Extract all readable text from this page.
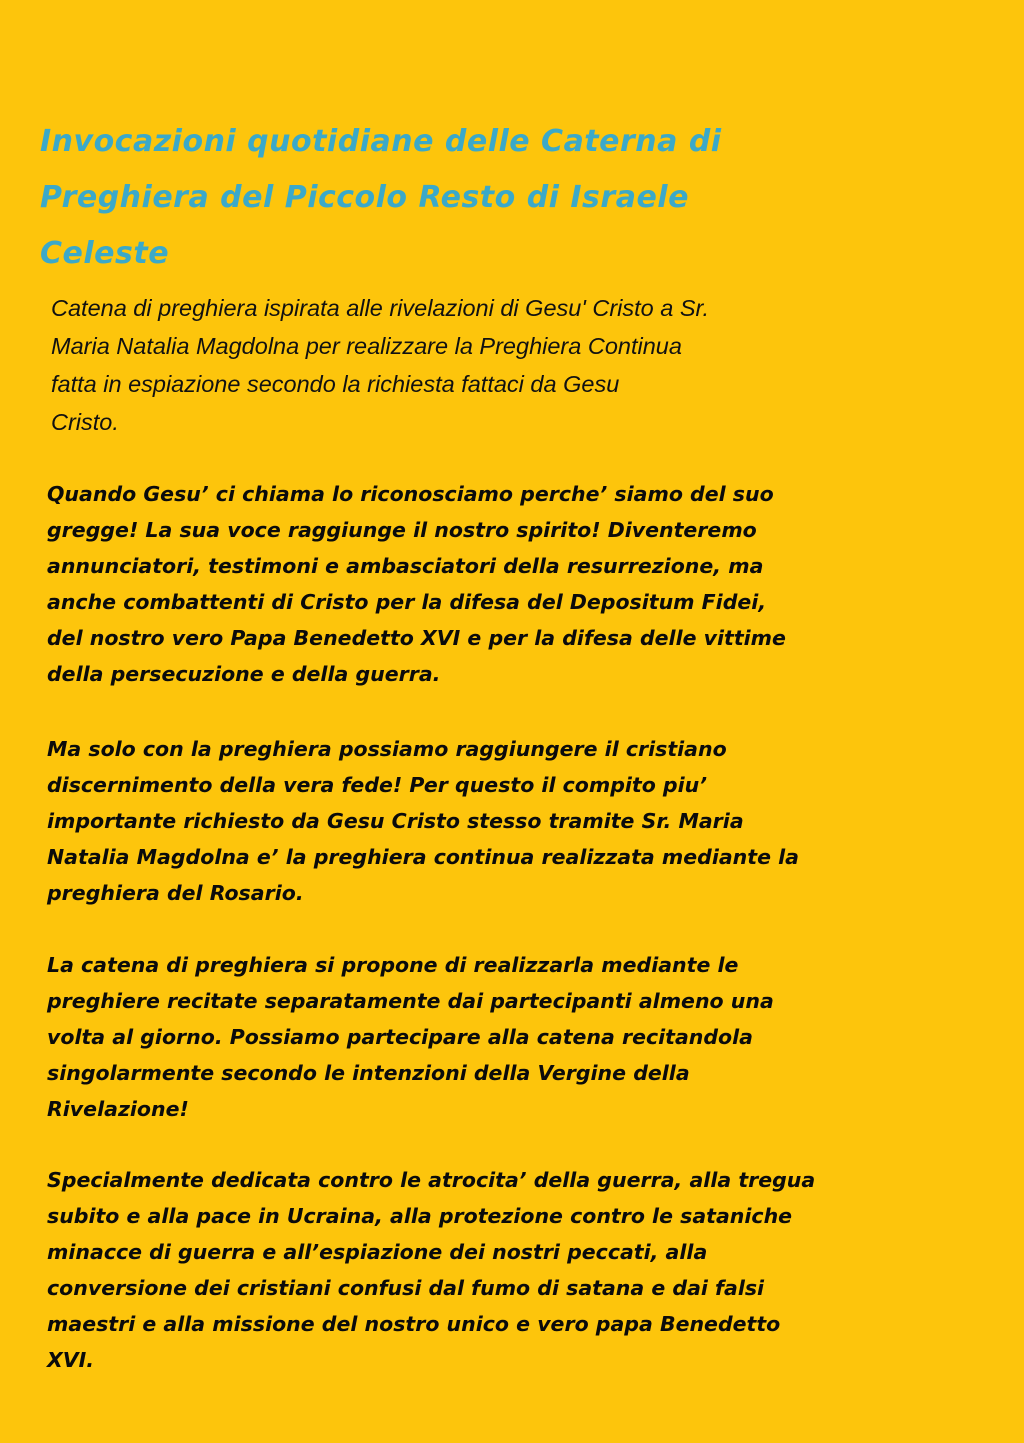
Invocazioni quotidiane delle Caterna di
Preghiera del Piccolo Resto di Israele
Celeste

Catena di preghiera ispirata alle rivelazioni di Gesu' Cristo a Sr.
Maria Natalia Magdolna per realizzare la Preghiera Continua
fatta in espiazione secondo la richiesta fattaci da Gesu
Cristo.

Quando Gesu’ ci chiama lo riconosciamo perche’ siamo del suo
gregge! La sua voce raggiunge il nostro spirito! Diventeremo
annunciatori, testimoni e ambasciatori della resurrezione, ma
anche combattenti di Cristo per la difesa del Depositum Fidei,
del nostro vero Papa Benedetto XVI e per la difesa delle vittime
della persecuzione e della guerra.

Ma solo con la preghiera possiamo raggiungere il cristiano
discernimento della vera fede! Per questo il compito piu’
importante richiesto da Gesu Cristo stesso tramite Sr. Maria
Natalia Magdolna e’ la preghiera continua realizzata mediante la
preghiera del Rosario.

La catena di preghiera si propone di realizzarla mediante le
preghiere recitate separatamente dai partecipanti almeno una
volta al giorno. Possiamo partecipare alla catena recitandola
singolarmente secondo le intenzioni della Vergine della
Rivelazione!

Specialmente dedicata contro le atrocita’ della guerra, alla tregua
subito e alla pace in Ucraina, alla protezione contro le sataniche
minacce di guerra e all’espiazione dei nostri peccati, alla
conversione dei cristiani confusi dal fumo di satana e dai falsi
maestri e alla missione del nostro unico e vero papa Benedetto
XVI.
